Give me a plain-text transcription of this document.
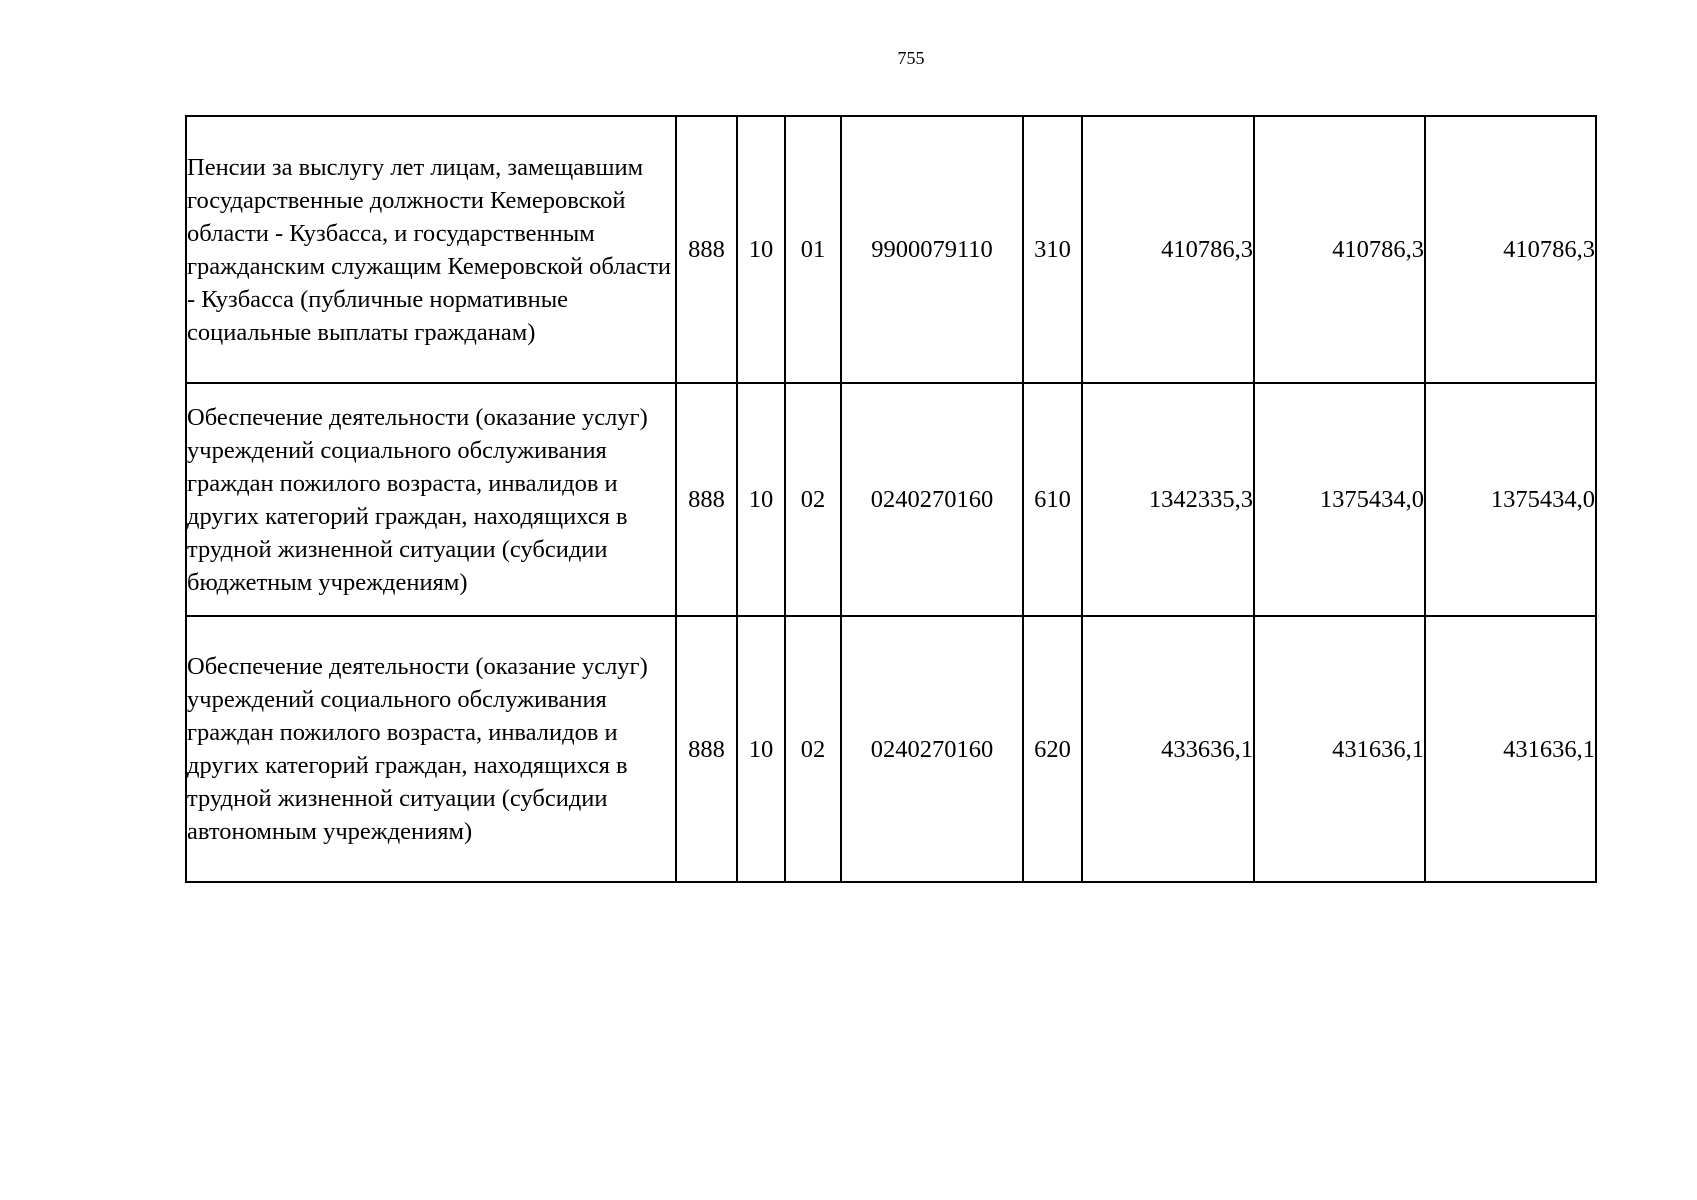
755
Пенсии за выслугу лет лицам, замещавшим государственные должности Кемеровской области - Кузбасса, и государственным гражданским служащим Кемеровской области - Кузбасса (публичные нормативные социальные выплаты гражданам)	888	10	01	9900079110	310	410786,3	410786,3	410786,3
Обеспечение деятельности (оказание услуг) учреждений социального обслуживания граждан пожилого возраста, инвалидов и других категорий граждан, находящихся в трудной жизненной ситуации (субсидии бюджетным учреждениям)	888	10	02	0240270160	610	1342335,3	1375434,0	1375434,0
Обеспечение деятельности (оказание услуг) учреждений социального обслуживания граждан пожилого возраста, инвалидов и других категорий граждан, находящихся в трудной жизненной ситуации (субсидии автономным учреждениям)	888	10	02	0240270160	620	433636,1	431636,1	431636,1
